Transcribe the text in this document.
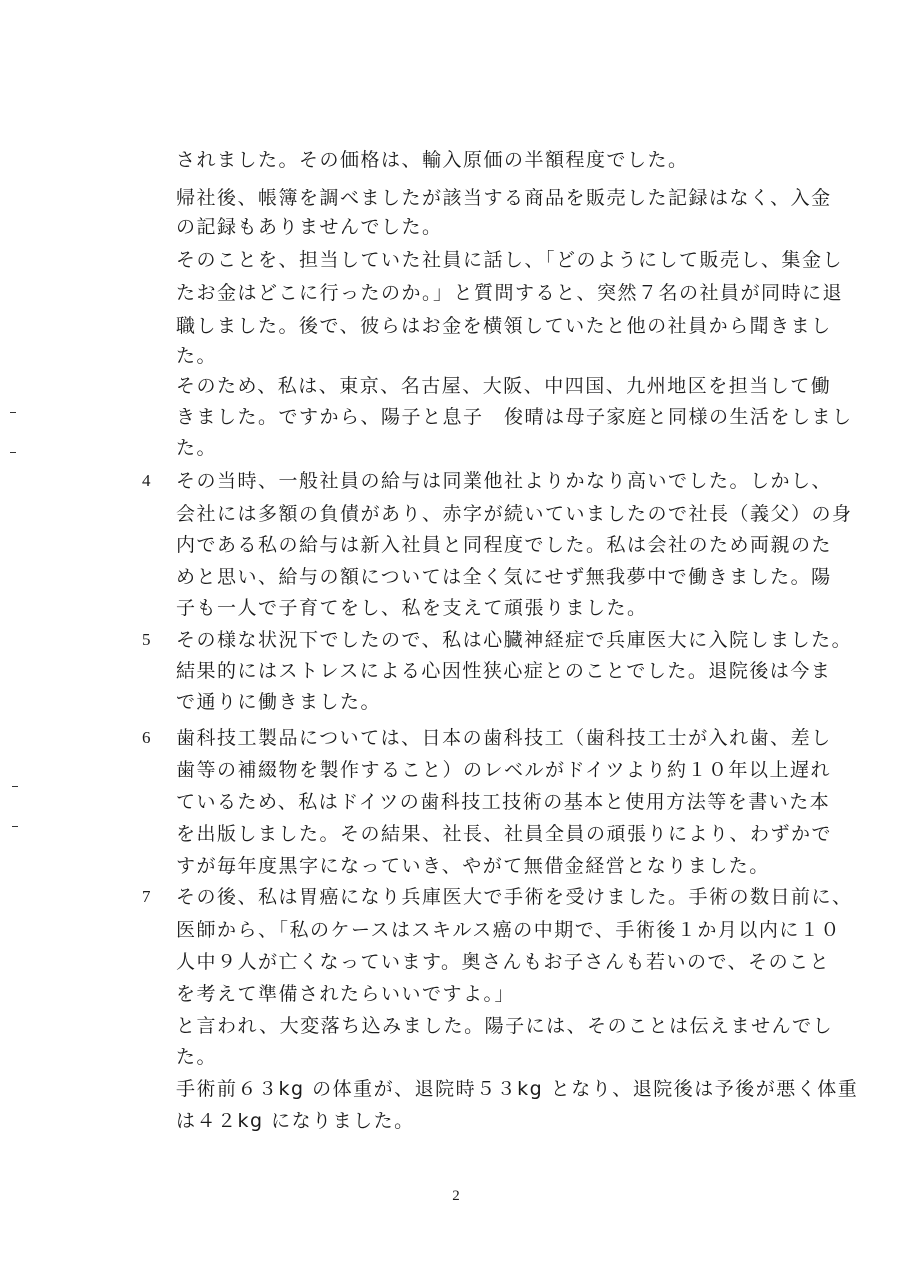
されました。その価格は、輸入原価の半額程度でした。
帰社後、帳簿を調べましたが該当する商品を販売した記録はなく、入金
の記録もありませんでした。
そのことを、担当していた社員に話し、「どのようにして販売し、集金し
たお金はどこに行ったのか。」と質問すると、突然７名の社員が同時に退
職しました。後で、彼らはお金を横領していたと他の社員から聞きまし
た。
そのため、私は、東京、名古屋、大阪、中四国、九州地区を担当して働
きました。ですから、陽子と息子　俊晴は母子家庭と同様の生活をしまし
た。
4 その当時、一般社員の給与は同業他社よりかなり高いでした。しかし、
会社には多額の負債があり、赤字が続いていましたので社長（義父）の身
内である私の給与は新入社員と同程度でした。私は会社のため両親のた
めと思い、給与の額については全く気にせず無我夢中で働きました。陽
子も一人で子育てをし、私を支えて頑張りました。
5 その様な状況下でしたので、私は心臓神経症で兵庫医大に入院しました。
結果的にはストレスによる心因性狭心症とのことでした。退院後は今ま
で通りに働きました。
6 歯科技工製品については、日本の歯科技工（歯科技工士が入れ歯、差し
歯等の補綴物を製作すること）のレベルがドイツより約１０年以上遅れ
ているため、私はドイツの歯科技工技術の基本と使用方法等を書いた本
を出版しました。その結果、社長、社員全員の頑張りにより、わずかで
すが毎年度黒字になっていき、やがて無借金経営となりました。
7 その後、私は胃癌になり兵庫医大で手術を受けました。手術の数日前に、
医師から、「私のケースはスキルス癌の中期で、手術後１か月以内に１０
人中９人が亡くなっています。奥さんもお子さんも若いので、そのこと
を考えて準備されたらいいですよ。」
と言われ、大変落ち込みました。陽子には、そのことは伝えませんでし
た。
手術前６３kg の体重が、退院時５３kg となり、退院後は予後が悪く体重
は４２kg になりました。
2
